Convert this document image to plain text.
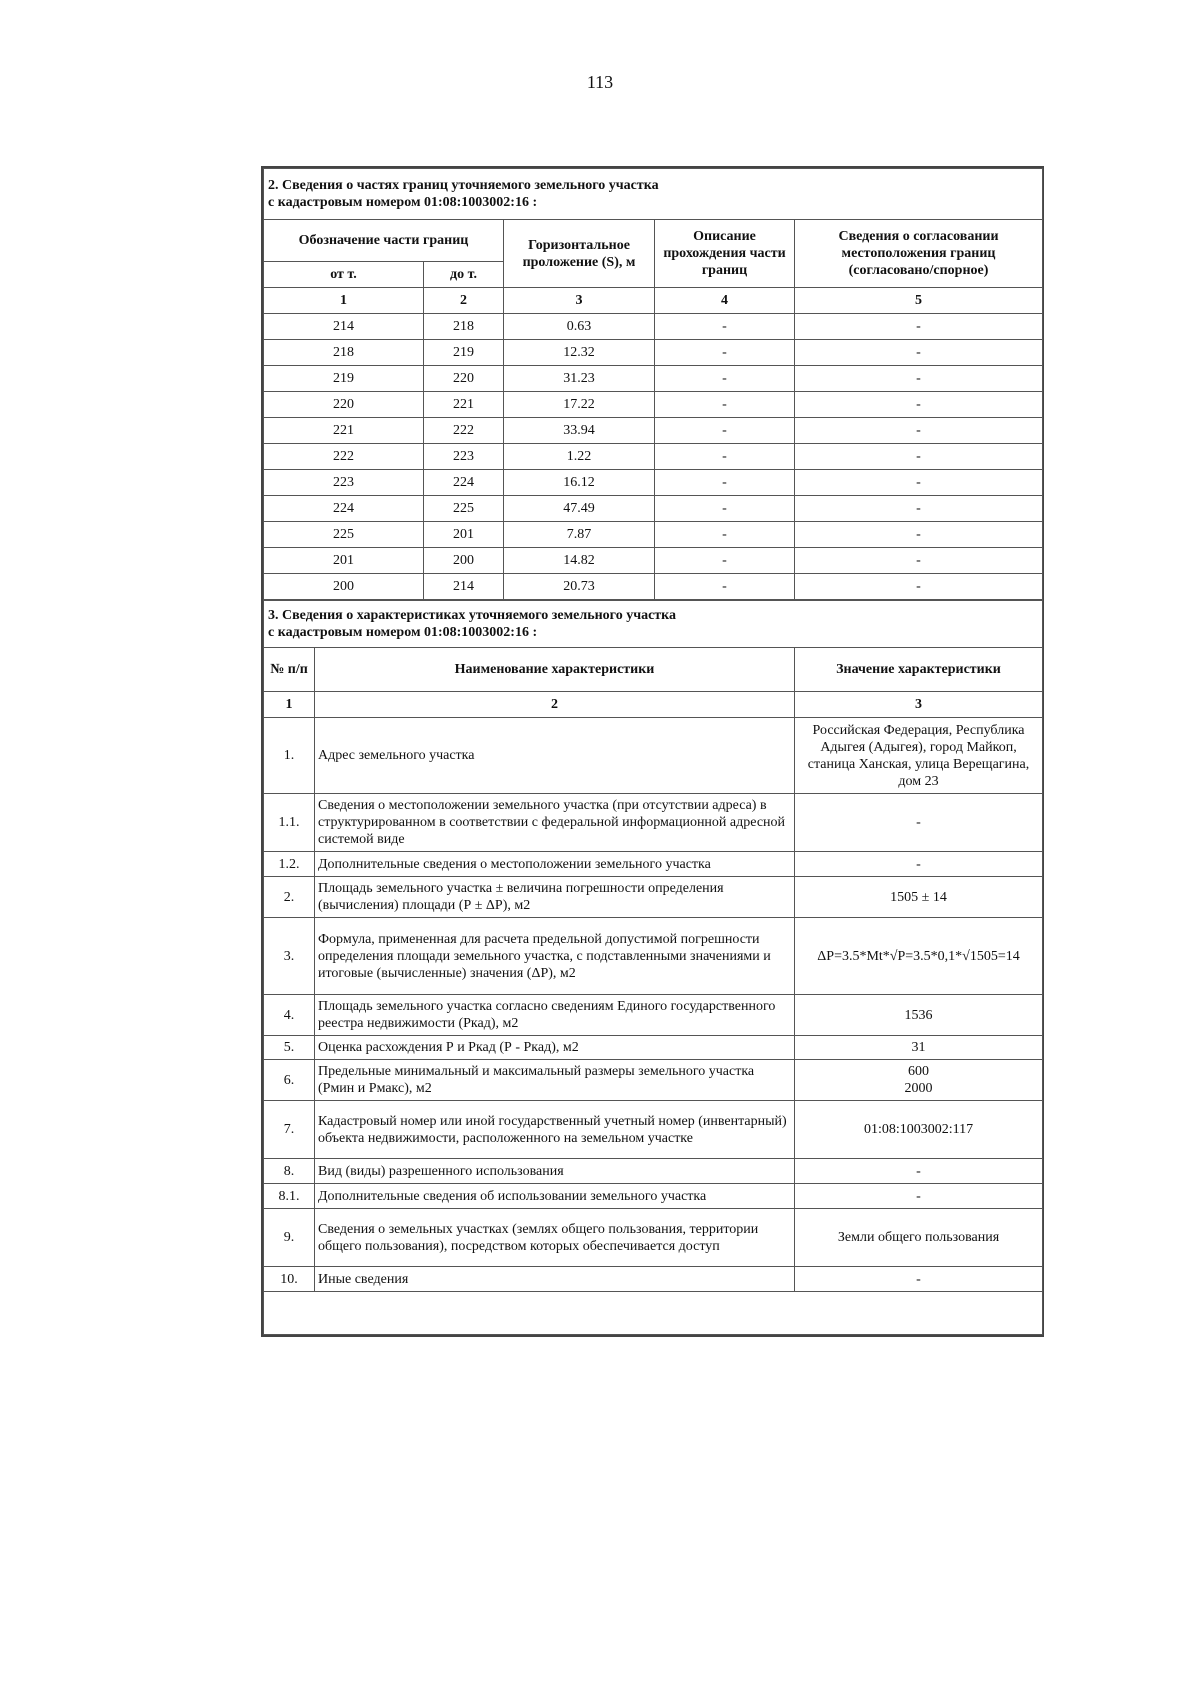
113
2. Сведения о частях границ уточняемого земельного участка
с кадастровым номером 01:08:1003002:16 :				

Обозначение части границ		Горизонтальное проложение (S), м	Описание прохождения части границ	Сведения о согласовании местоположения границ (согласовано/спорное)
от т.	до т.			
1	2	3	4	5
214	218	0.63	-	-
218	219	12.32	-	-
219	220	31.23	-	-
220	221	17.22	-	-
221	222	33.94	-	-
222	223	1.22	-	-
223	224	16.12	-	-
224	225	47.49	-	-
225	201	7.87	-	-
201	200	14.82	-	-
200	214	20.73	-	-
3. Сведения о характеристиках уточняемого земельного участка
с кадастровым номером 01:08:1003002:16 :		

№ п/п	Наименование характеристики	Значение характеристики
1	2	3
1.	Адрес земельного участка	Российская Федерация, Республика Адыгея (Адыгея), город Майкоп, станица Ханская, улица Верещагина, дом 23
1.1.	Сведения о местоположении земельного участка (при отсутствии адреса) в структурированном в соответствии с федеральной информационной адресной системой виде	-
1.2.	Дополнительные сведения о местоположении земельного участка	-
2.	Площадь земельного участка ± величина погрешности определения (вычисления) площади (Р ± ΔР), м2	1505 ± 14
3.	Формула, примененная для расчета предельной допустимой погрешности определения площади земельного участка, с подставленными значениями и итоговые (вычисленные) значения (ΔР), м2	ΔР=3.5*Mt*√P=3.5*0,1*√1505=14
4.	Площадь земельного участка согласно сведениям Единого государственного реестра недвижимости (Ркад), м2	1536
5.	Оценка расхождения Р и Ркад (Р - Ркад), м2	31
6.	Предельные минимальный и максимальный размеры земельного участка (Рмин и Рмакс), м2	600
2000

7.	Кадастровый номер или иной государственный учетный номер (инвентарный) объекта недвижимости, расположенного на земельном участке	01:08:1003002:117
8.	Вид (виды) разрешенного использования	-
8.1.	Дополнительные сведения об использовании земельного участка	-
9.	Сведения о земельных участках (землях общего пользования, территории общего пользования), посредством которых обеспечивается доступ	Земли общего пользования
10.	Иные сведения	-
